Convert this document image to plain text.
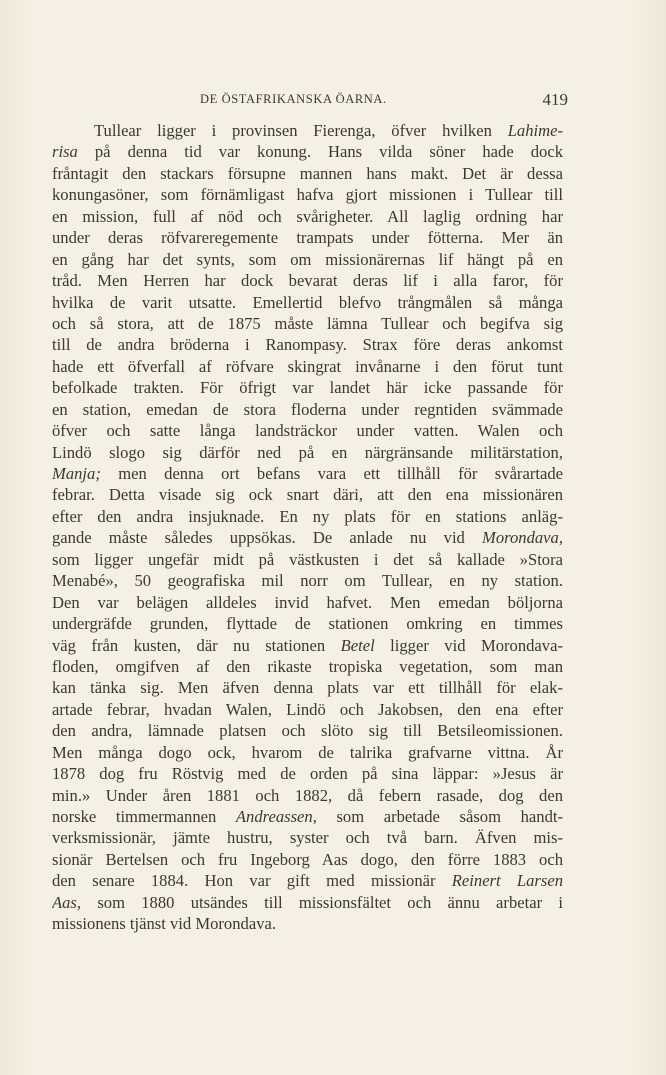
DE ÖSTAFRIKANSKA ÖARNA.	419
Tullear ligger i provinsen Fierenga, öfver hvilken Lahime-
risa på denna tid var konung. Hans vilda söner hade dock
fråntagit den stackars försupne mannen hans makt. Det är dessa
konungasöner, som förnämligast hafva gjort missionen i Tullear till
en mission, full af nöd och svårigheter. All laglig ordning har
under deras röfvareregemente trampats under fötterna. Mer än
en gång har det synts, som om missionärernas lif hängt på en
tråd. Men Herren har dock bevarat deras lif i alla faror, för
hvilka de varit utsatte. Emellertid blefvo trångmålen så många
och så stora, att de 1875 måste lämna Tullear och begifva sig
till de andra bröderna i Ranompasy. Strax före deras ankomst
hade ett öfverfall af röfvare skingrat invånarne i den förut tunt
befolkade trakten. För öfrigt var landet här icke passande för
en station, emedan de stora floderna under regntiden svämmade
öfver och satte långa landsträckor under vatten. Walen och
Lindö slogo sig därför ned på en närgränsande militärstation,
Manja; men denna ort befans vara ett tillhåll för svårartade
febrar. Detta visade sig ock snart däri, att den ena missionären
efter den andra insjuknade. En ny plats för en stations anläg-
gande måste således uppsökas. De anlade nu vid Morondava,
som ligger ungefär midt på västkusten i det så kallade »Stora
Menabé», 50 geografiska mil norr om Tullear, en ny station.
Den var belägen alldeles invid hafvet. Men emedan böljorna
undergräfde grunden, flyttade de stationen omkring en timmes
väg från kusten, där nu stationen Betel ligger vid Morondava-
floden, omgifven af den rikaste tropiska vegetation, som man
kan tänka sig. Men äfven denna plats var ett tillhåll för elak-
artade febrar, hvadan Walen, Lindö och Jakobsen, den ena efter
den andra, lämnade platsen och slöto sig till Betsileomissionen.
Men många dogo ock, hvarom de talrika grafvarne vittna. År
1878 dog fru Röstvig med de orden på sina läppar: »Jesus är
min.» Under åren 1881 och 1882, då febern rasade, dog den
norske timmermannen Andreassen, som arbetade såsom handt-
verksmissionär, jämte hustru, syster och två barn. Äfven mis-
sionär Bertelsen och fru Ingeborg Aas dogo, den förre 1883 och
den senare 1884. Hon var gift med missionär Reinert Larsen
Aas, som 1880 utsändes till missionsfältet och ännu arbetar i
missionens tjänst vid Morondava.
